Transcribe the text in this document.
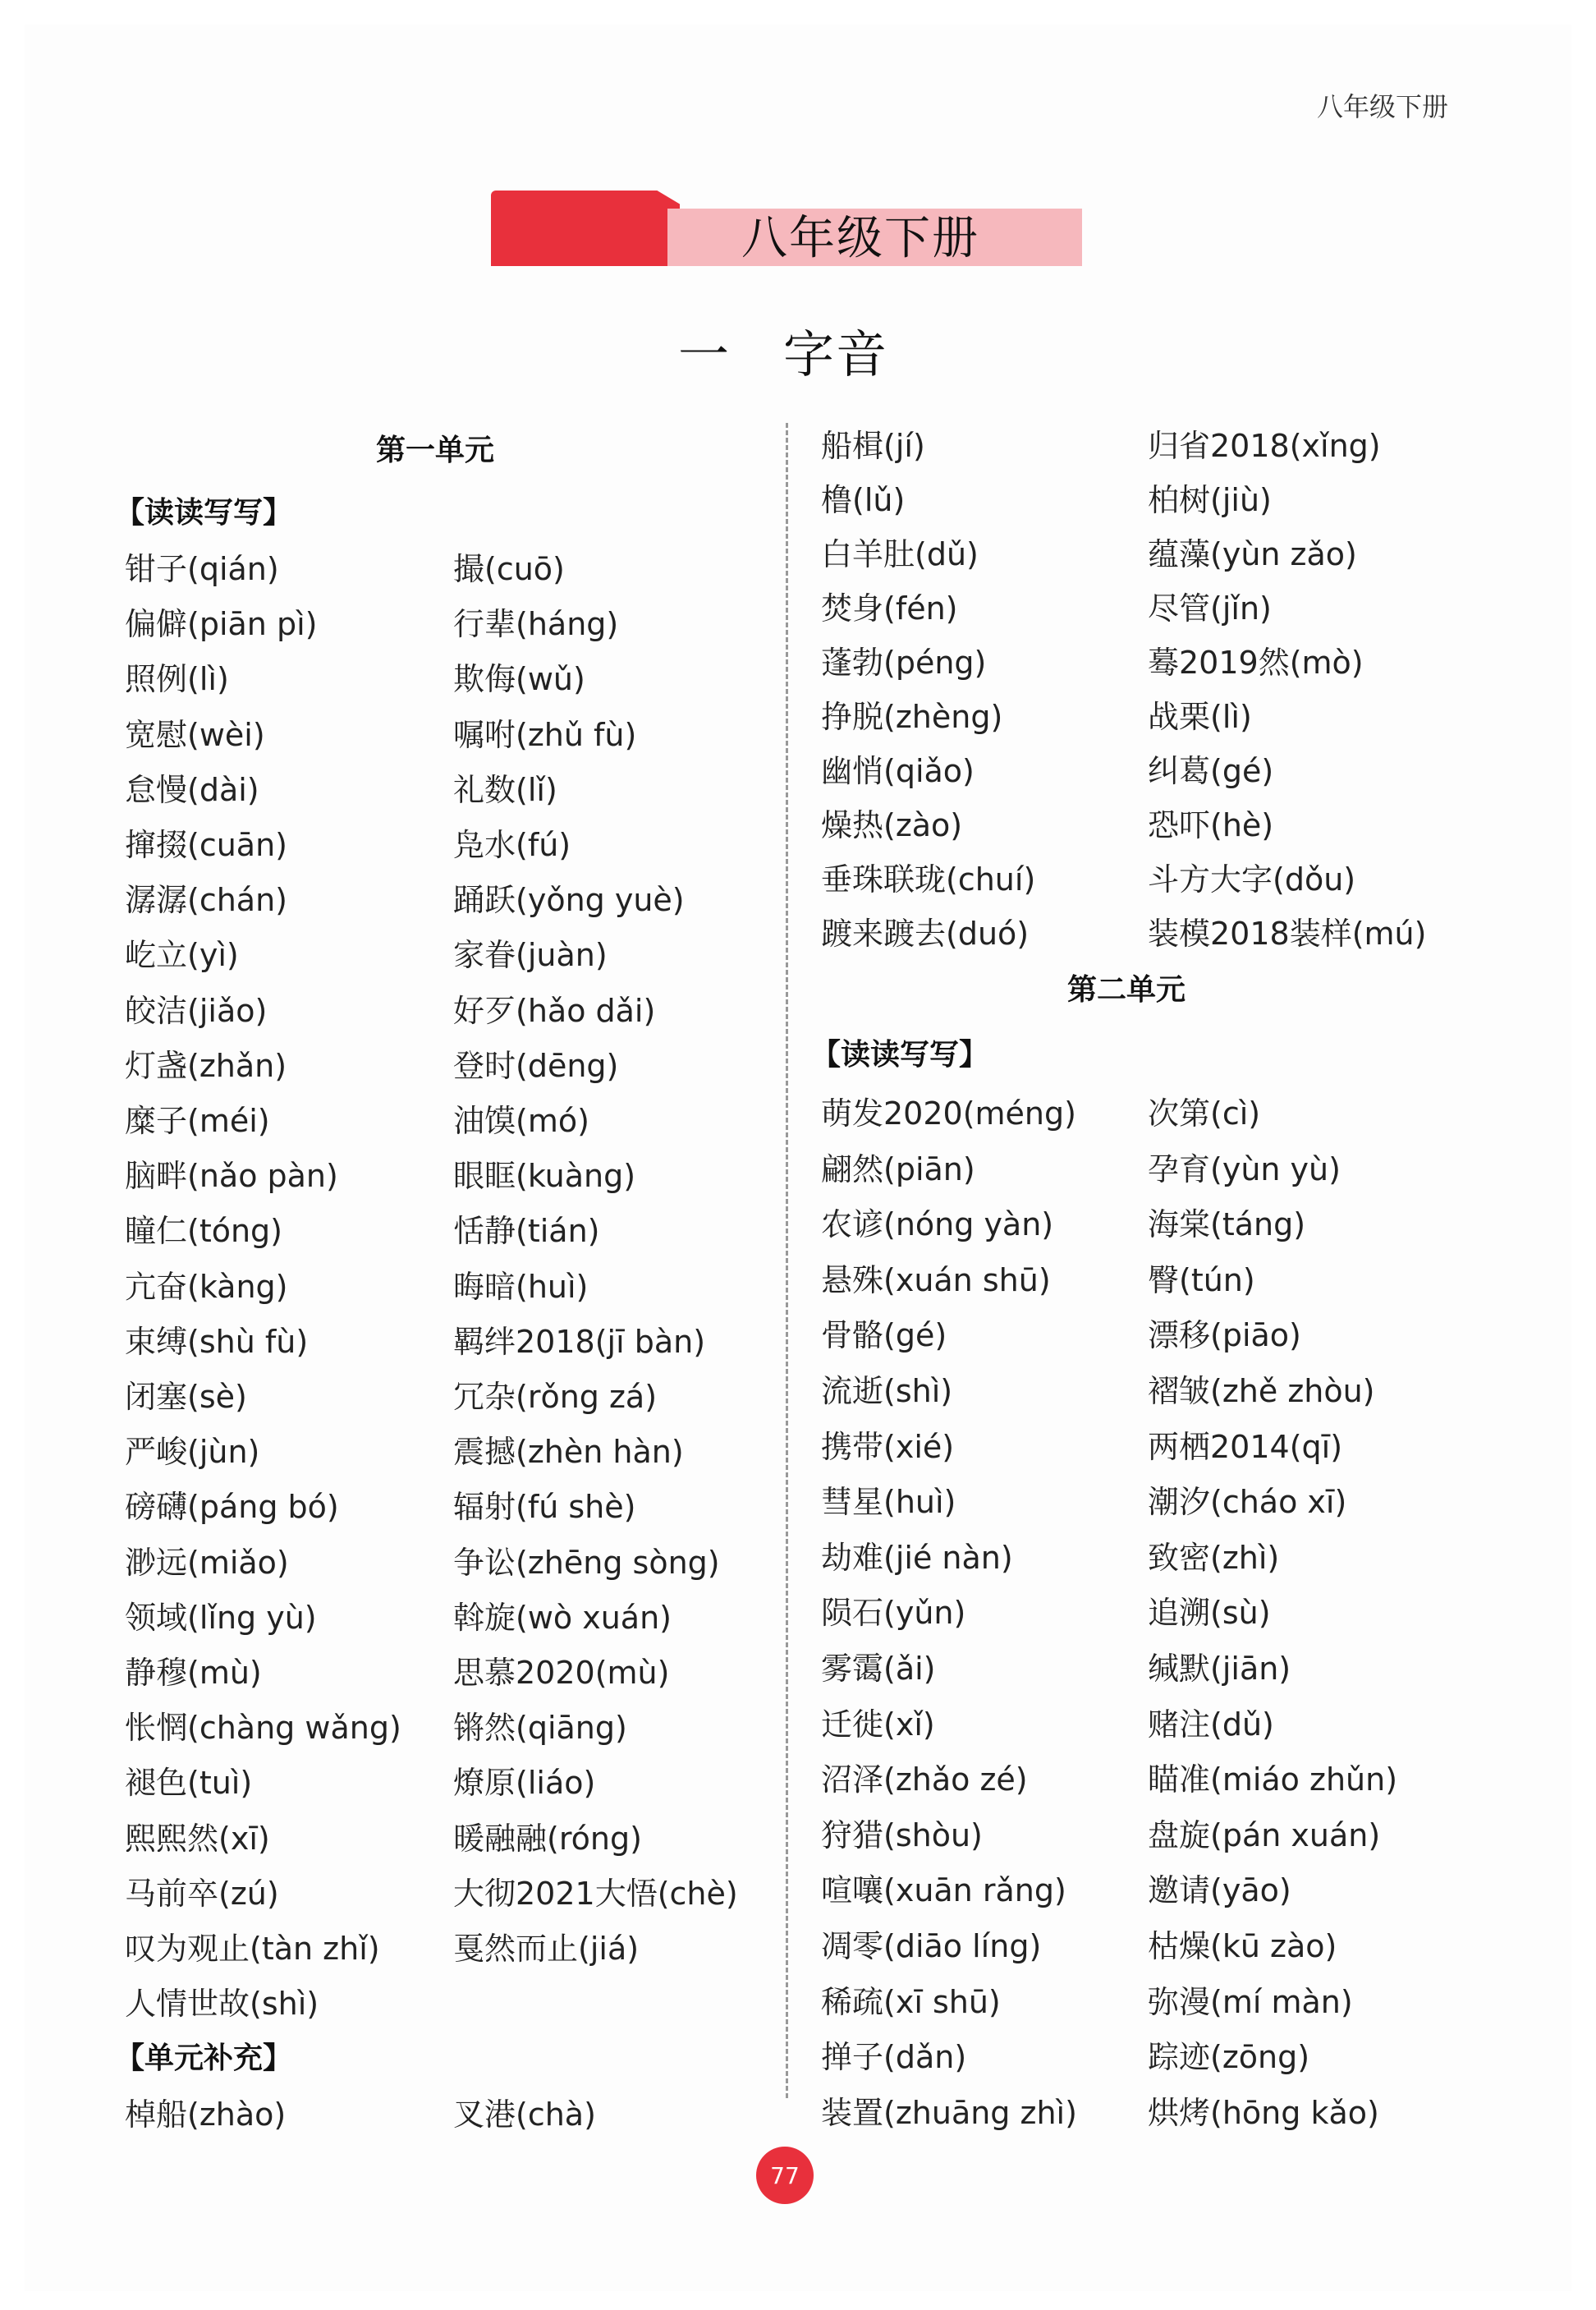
八年级下册
八年级下册
一　字音
第一单元
【读读写写】
钳子(qián)
偏僻(piān pì)
照例(lì)
宽慰(wèi)
怠慢(dài)
撺掇(cuān)
潺潺(chán)
屹立(yì)
皎洁(jiǎo)
灯盏(zhǎn)
糜子(méi)
脑畔(nǎo pàn)
瞳仁(tóng)
亢奋(kàng)
束缚(shù fù)
闭塞(sè)
严峻(jùn)
磅礴(páng bó)
渺远(miǎo)
领域(lǐng yù)
静穆(mù)
怅惘(chàng wǎng)
褪色(tuì)
熙熙然(xī)
马前卒(zú)
叹为观止(tàn zhǐ)
人情世故(shì)
撮(cuō)
行辈(háng)
欺侮(wǔ)
嘱咐(zhǔ fù)
礼数(lǐ)
凫水(fú)
踊跃(yǒng yuè)
家眷(juàn)
好歹(hǎo dǎi)
登时(dēng)
油馍(mó)
眼眶(kuàng)
恬静(tián)
晦暗(huì)
羁绊2018(jī bàn)
冗杂(rǒng zá)
震撼(zhèn hàn)
辐射(fú shè)
争讼(zhēng sòng)
斡旋(wò xuán)
思慕2020(mù)
锵然(qiāng)
燎原(liáo)
暖融融(róng)
大彻2021大悟(chè)
戛然而止(jiá)
【单元补充】
棹船(zhào)	叉港(chà)
船楫(jí)
橹(lǔ)
白羊肚(dǔ)
焚身(fén)
蓬勃(péng)
挣脱(zhèng)
幽悄(qiǎo)
燥热(zào)
垂珠联珑(chuí)
踱来踱去(duó)
归省2018(xǐng)
柏树(jiù)
蕴藻(yùn zǎo)
尽管(jǐn)
蓦2019然(mò)
战栗(lì)
纠葛(gé)
恐吓(hè)
斗方大字(dǒu)
装模2018装样(mú)
第二单元
【读读写写】
萌发2020(méng)
翩然(piān)
农谚(nóng yàn)
悬殊(xuán shū)
骨骼(gé)
流逝(shì)
携带(xié)
彗星(huì)
劫难(jié nàn)
陨石(yǔn)
雾霭(ǎi)
迁徙(xǐ)
沼泽(zhǎo zé)
狩猎(shòu)
喧嚷(xuān rǎng)
凋零(diāo líng)
稀疏(xī shū)
掸子(dǎn)
装置(zhuāng zhì)
次第(cì)
孕育(yùn yù)
海棠(táng)
臀(tún)
漂移(piāo)
褶皱(zhě zhòu)
两栖2014(qī)
潮汐(cháo xī)
致密(zhì)
追溯(sù)
缄默(jiān)
赌注(dǔ)
瞄准(miáo zhǔn)
盘旋(pán xuán)
邀请(yāo)
枯燥(kū zào)
弥漫(mí màn)
踪迹(zōng)
烘烤(hōng kǎo)
77
